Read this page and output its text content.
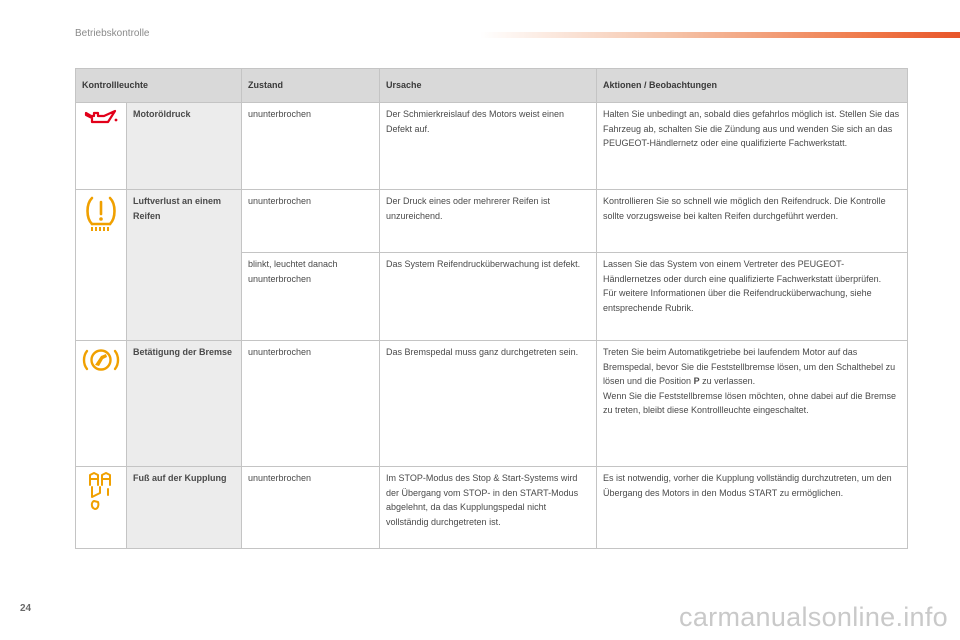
Betriebskontrolle
Kontrollleuchte		Zustand	Ursache	Aktionen / Beobachtungen

	Motoröldruck	ununterbrochen	Der Schmierkreislauf des Motors weist einen Defekt auf.	Halten Sie unbedingt an, sobald dies gefahrlos möglich ist. Stellen Sie das Fahrzeug ab, schalten Sie die Zündung aus und wenden Sie sich an das PEUGEOT-Händlernetz oder eine qualifizierte Fachwerkstatt.

	Luftverlust an einem Reifen	ununterbrochen	Der Druck eines oder mehrerer Reifen ist unzureichend.	Kontrollieren Sie so schnell wie möglich den Reifendruck. Die Kontrolle sollte vorzugsweise bei kalten Reifen durchgeführt werden.
		blinkt, leuchtet danach ununterbrochen	Das System Reifendrucküberwachung ist defekt.	Lassen Sie das System von einem Vertreter des PEUGEOT-Händlernetzes oder durch eine qualifizierte Fachwerkstatt überprüfen.
Für weitere Informationen über die Reifendrucküberwachung, siehe entsprechende Rubrik.

	Betätigung der Bremse	ununterbrochen	Das Bremspedal muss ganz durchgetreten sein.	Treten Sie beim Automatikgetriebe bei laufendem Motor auf das Bremspedal, bevor Sie die Feststellbremse lösen, um den Schalthebel zu lösen und die Position P zu verlassen.
Wenn Sie die Feststellbremse lösen möchten, ohne dabei auf die Bremse zu treten, bleibt diese Kontrollleuchte eingeschaltet.

	Fuß auf der Kupplung	ununterbrochen	Im STOP-Modus des Stop & Start-Systems wird der Übergang vom STOP- in den START-Modus abgelehnt, da das Kupplungspedal nicht vollständig durchgetreten ist.	Es ist notwendig, vorher die Kupplung vollständig durchzutreten, um den Übergang des Motors in den Modus START zu ermöglichen.
24	carmanualsonline.info
